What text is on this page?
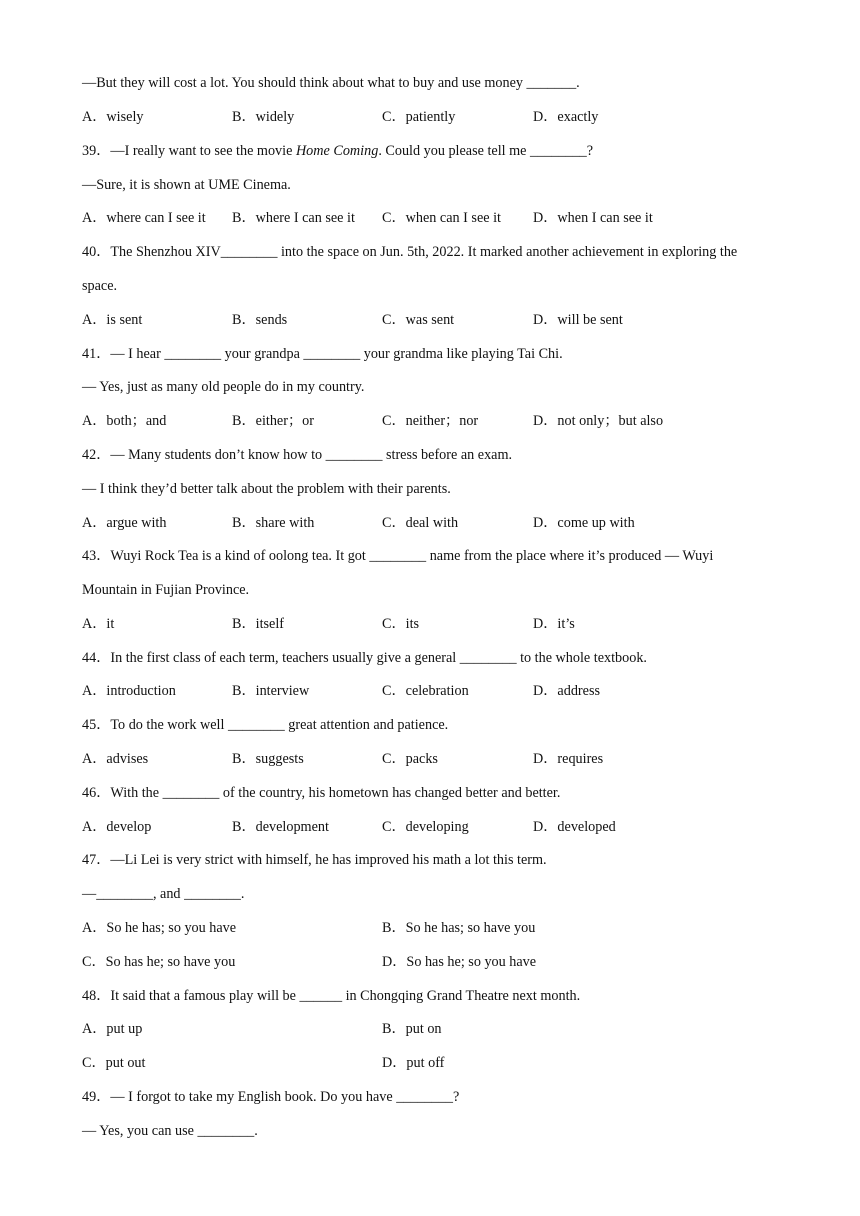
—But they will cost a lot. You should think about what to buy and use money _______.
A．wisely	B．widely	C．patiently	D．exactly
39．—I really want to see the movie Home Coming. Could you please tell me ________?
—Sure, it is shown at UME Cinema.
A．where can I see it B．where I can see it C．when can I see it D．when I can see it
40．The Shenzhou XIV________ into the space on Jun. 5th, 2022. It marked another achievement in exploring the
space.
A．is sent	B．sends	C．was sent	D．will be sent
41．— I hear ________ your grandpa ________ your grandma like playing Tai Chi.
— Yes, just as many old people do in my country.
A．both；and	B．either；or	C．neither；nor	D．not only；but also
42．— Many students don’t know how to ________ stress before an exam.
— I think they’d better talk about the problem with their parents.
A．argue with	B．share with	C．deal with	D．come up with
43．Wuyi Rock Tea is a kind of oolong tea. It got ________ name from the place where it’s produced — Wuyi
Mountain in Fujian Province.
A．it	B．itself	C．its	D．it’s
44．In the first class of each term, teachers usually give a general ________ to the whole textbook.
A．introduction	B．interview	C．celebration	D．address
45．To do the work well ________ great attention and patience.
A．advises	B．suggests	C．packs	D．requires
46．With the ________ of the country, his hometown has changed better and better.
A．develop	B．development	C．developing	D．developed
47．—Li Lei is very strict with himself, he has improved his math a lot this term.
—________, and ________.
A．So he has; so you have	B．So he has; so have you
C．So has he; so have you	D．So has he; so you have
48．It said that a famous play will be ______ in Chongqing Grand Theatre next month.
A．put up	B．put on
C．put out	D．put off
49．— I forgot to take my English book. Do you have ________?
— Yes, you can use ________.
